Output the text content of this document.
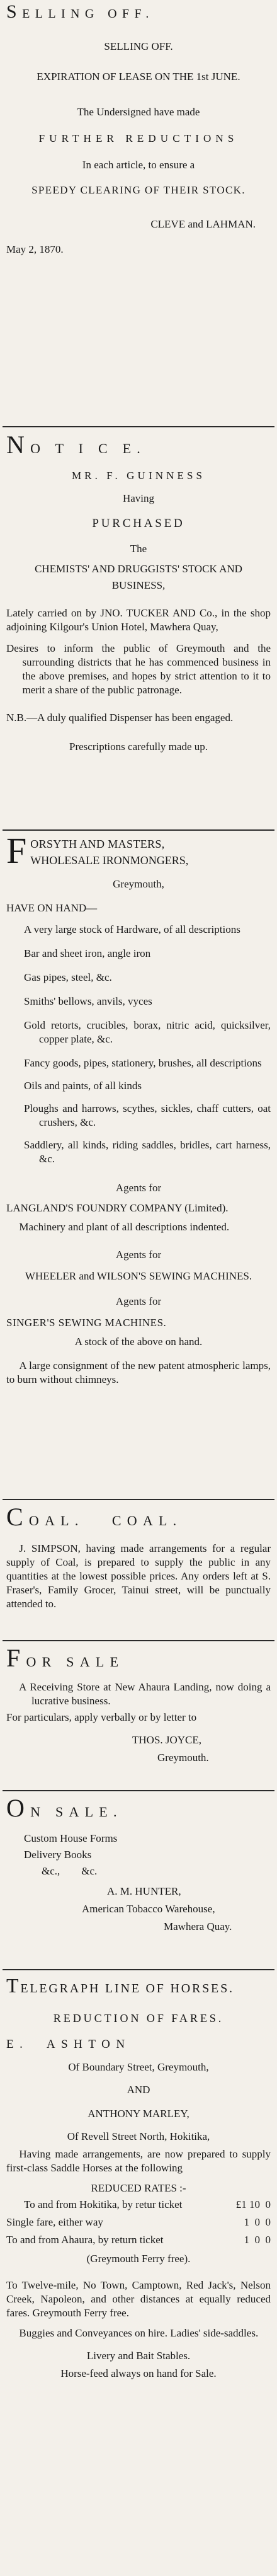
SELLING OFF.
SELLING OFF.
EXPIRATION OF LEASE ON THE 1st JUNE.
The Undersigned have made
FURTHER REDUCTIONS
In each article, to ensure a
SPEEDY CLEARING OF THEIR STOCK.
CLEVE and LAHMAN.
May 2, 1870.
NO T I C E.
MR. F. GUINNESS
Having
PURCHASED
The
CHEMISTS' AND DRUGGISTS' STOCK AND BUSINESS,

Lately carried on by JNO. TUCKER AND Co., in the shop adjoining Kilgour's Union Hotel, Mawhera Quay,

Desires to inform the public of Greymouth and the surrounding districts that he has commenced business in the above premises, and hopes by strict attention to it to merit a share of the public patronage.

N.B.—A duly qualified Dispenser has been engaged.

Prescriptions carefully made up.
FORSYTH AND MASTERS,
WHOLESALE IRONMONGERS,
Greymouth,
HAVE ON HAND—

A very large stock of Hardware, of all descriptions

Bar and sheet iron, angle iron

Gas pipes, steel, &c.

Smiths' bellows, anvils, vyces

Gold retorts, crucibles, borax, nitric acid, quicksilver, copper plate, &c.

Fancy goods, pipes, stationery, brushes, all descriptions

Oils and paints, of all kinds

Ploughs and harrows, scythes, sickles, chaff cutters, oat crushers, &c.

Saddlery, all kinds, riding saddles, bridles, cart harness, &c.

Agents for
LANGLAND'S FOUNDRY COMPANY (Limited).

Machinery and plant of all descriptions indented.

Agents for
WHEELER and WILSON'S SEWING MACHINES.
Agents for
SINGER'S SEWING MACHINES.
A stock of the above on hand.

A large consignment of the new patent atmospheric lamps, to burn without chimneys.

COAL.   COAL.

J. SIMPSON, having made arrangements for a regular supply of Coal, is prepared to supply the public in any quantities at the lowest possible prices. Any orders left at S. Fraser's, Family Grocer, Tainui street, will be punctually attended to.

FOR SALE

A Receiving Store at New Ahaura Landing, now doing a lucrative business.

For particulars, apply verbally or by letter to

THOS. JOYCE,
Greymouth.
ON SALE.
Custom House Forms
Delivery Books
&c.,        &c.
A. M. HUNTER,
American Tobacco Warehouse,
Mawhera Quay.
TELEGRAPH LINE OF HORSES.
REDUCTION OF FARES.
E. ASHTON
Of Boundary Street, Greymouth,
AND
ANTHONY MARLEY,
Of Revell Street North, Hokitika,

Having made arrangements, are now prepared to supply first-class Saddle Horses at the following

REDUCED RATES :-
To and from Hokitika, by retur ticket	£1 10  0
Single fare, either way	1  0  0
To and from Ahaura, by return ticket	1  0  0
(Greymouth Ferry free).

To Twelve-mile, No Town, Camptown, Red Jack's, Nelson Creek, Napoleon, and other distances at equally reduced fares. Greymouth Ferry free.

Buggies and Conveyances on hire. Ladies' side-saddles.

Livery and Bait Stables.
Horse-feed always on hand for Sale.
